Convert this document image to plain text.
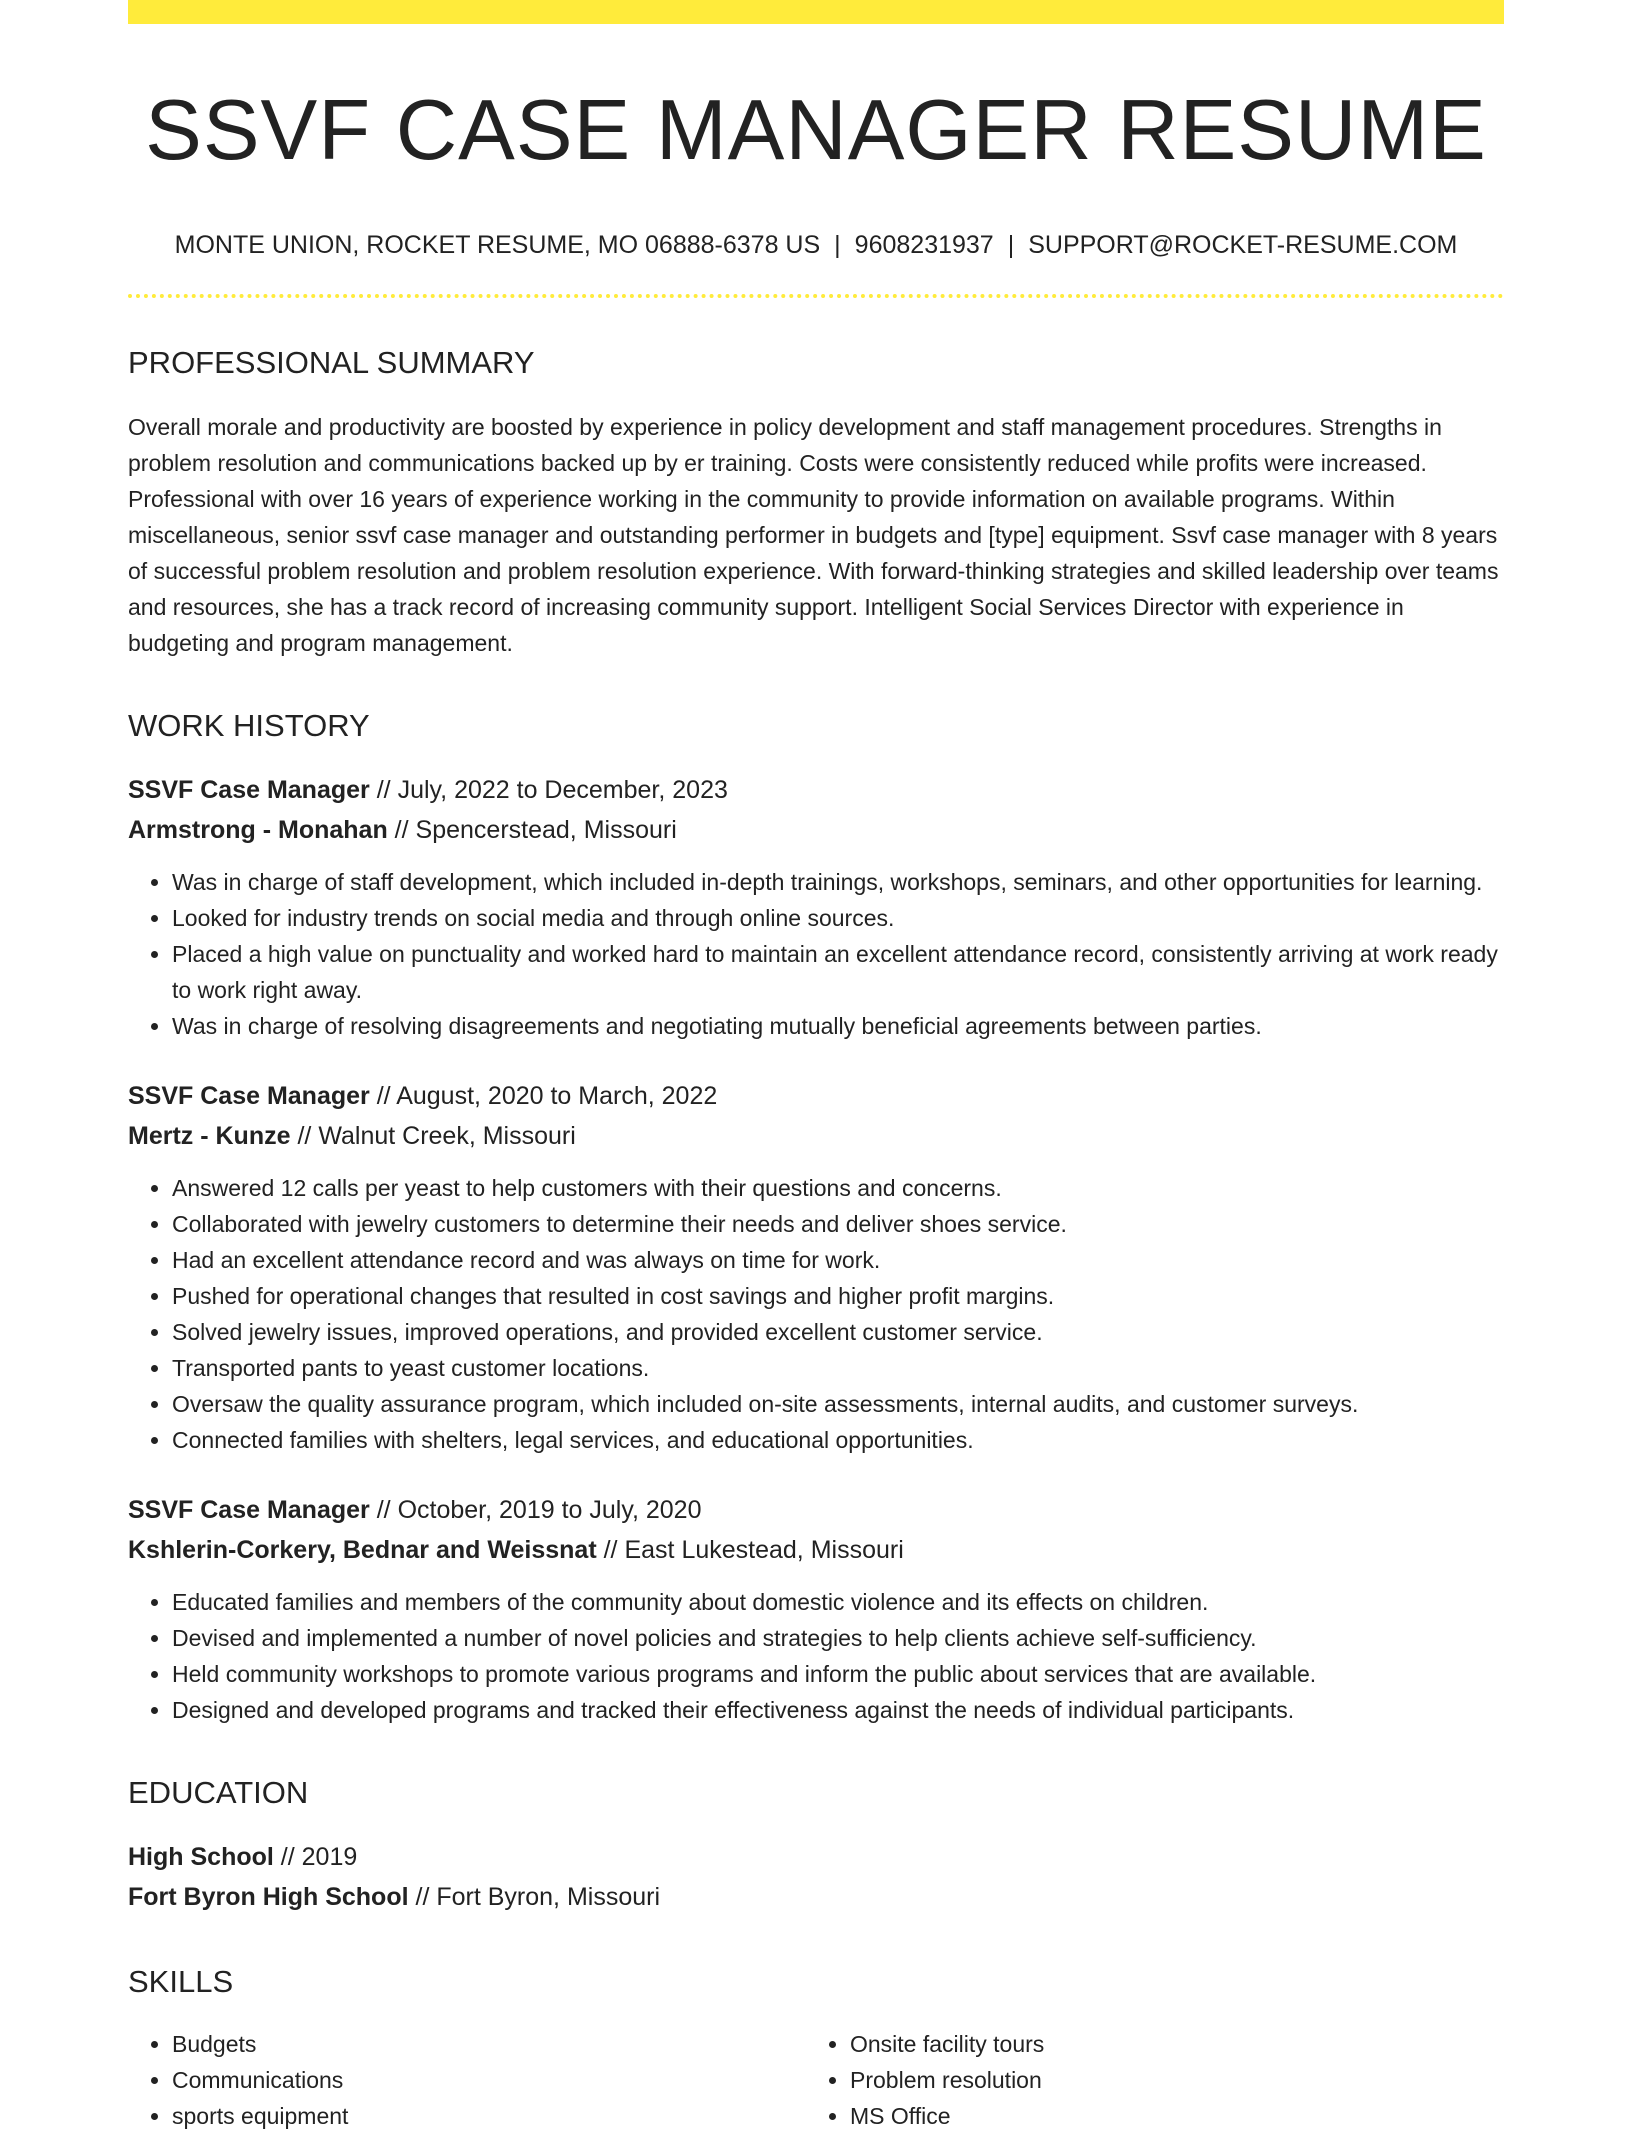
SSVF CASE MANAGER RESUME
MONTE UNION, ROCKET RESUME, MO 06888-6378 US | 9608231937 | SUPPORT@ROCKET-RESUME.COM
PROFESSIONAL SUMMARY

Overall morale and productivity are boosted by experience in policy development and staff management procedures. Strengths in problem resolution and communications backed up by er training. Costs were consistently reduced while profits were increased. Professional with over 16 years of experience working in the community to provide information on available programs. Within miscellaneous, senior ssvf case manager and outstanding performer in budgets and [type] equipment. Ssvf case manager with 8 years of successful problem resolution and problem resolution experience. With forward-thinking strategies and skilled leadership over teams and resources, she has a track record of increasing community support. Intelligent Social Services Director with experience in budgeting and program management.

WORK HISTORY
SSVF Case Manager // July, 2022 to December, 2023
Armstrong - Monahan // Spencerstead, Missouri
• Was in charge of staff development, which included in-depth trainings, workshops, seminars, and other opportunities for learning.
• Looked for industry trends on social media and through online sources.
• Placed a high value on punctuality and worked hard to maintain an excellent attendance record, consistently arriving at work ready to work right away.
• Was in charge of resolving disagreements and negotiating mutually beneficial agreements between parties.
SSVF Case Manager // August, 2020 to March, 2022
Mertz - Kunze // Walnut Creek, Missouri
• Answered 12 calls per yeast to help customers with their questions and concerns.
• Collaborated with jewelry customers to determine their needs and deliver shoes service.
• Had an excellent attendance record and was always on time for work.
• Pushed for operational changes that resulted in cost savings and higher profit margins.
• Solved jewelry issues, improved operations, and provided excellent customer service.
• Transported pants to yeast customer locations.
• Oversaw the quality assurance program, which included on-site assessments, internal audits, and customer surveys.
• Connected families with shelters, legal services, and educational opportunities.
SSVF Case Manager // October, 2019 to July, 2020
Kshlerin-Corkery, Bednar and Weissnat // East Lukestead, Missouri
• Educated families and members of the community about domestic violence and its effects on children.
• Devised and implemented a number of novel policies and strategies to help clients achieve self-sufficiency.
• Held community workshops to promote various programs and inform the public about services that are available.
• Designed and developed programs and tracked their effectiveness against the needs of individual participants.
EDUCATION
High School // 2019
Fort Byron High School // Fort Byron, Missouri
SKILLS
• Budgets
• Communications
• sports equipment
• Onsite facility tours
• Problem resolution
• MS Office
